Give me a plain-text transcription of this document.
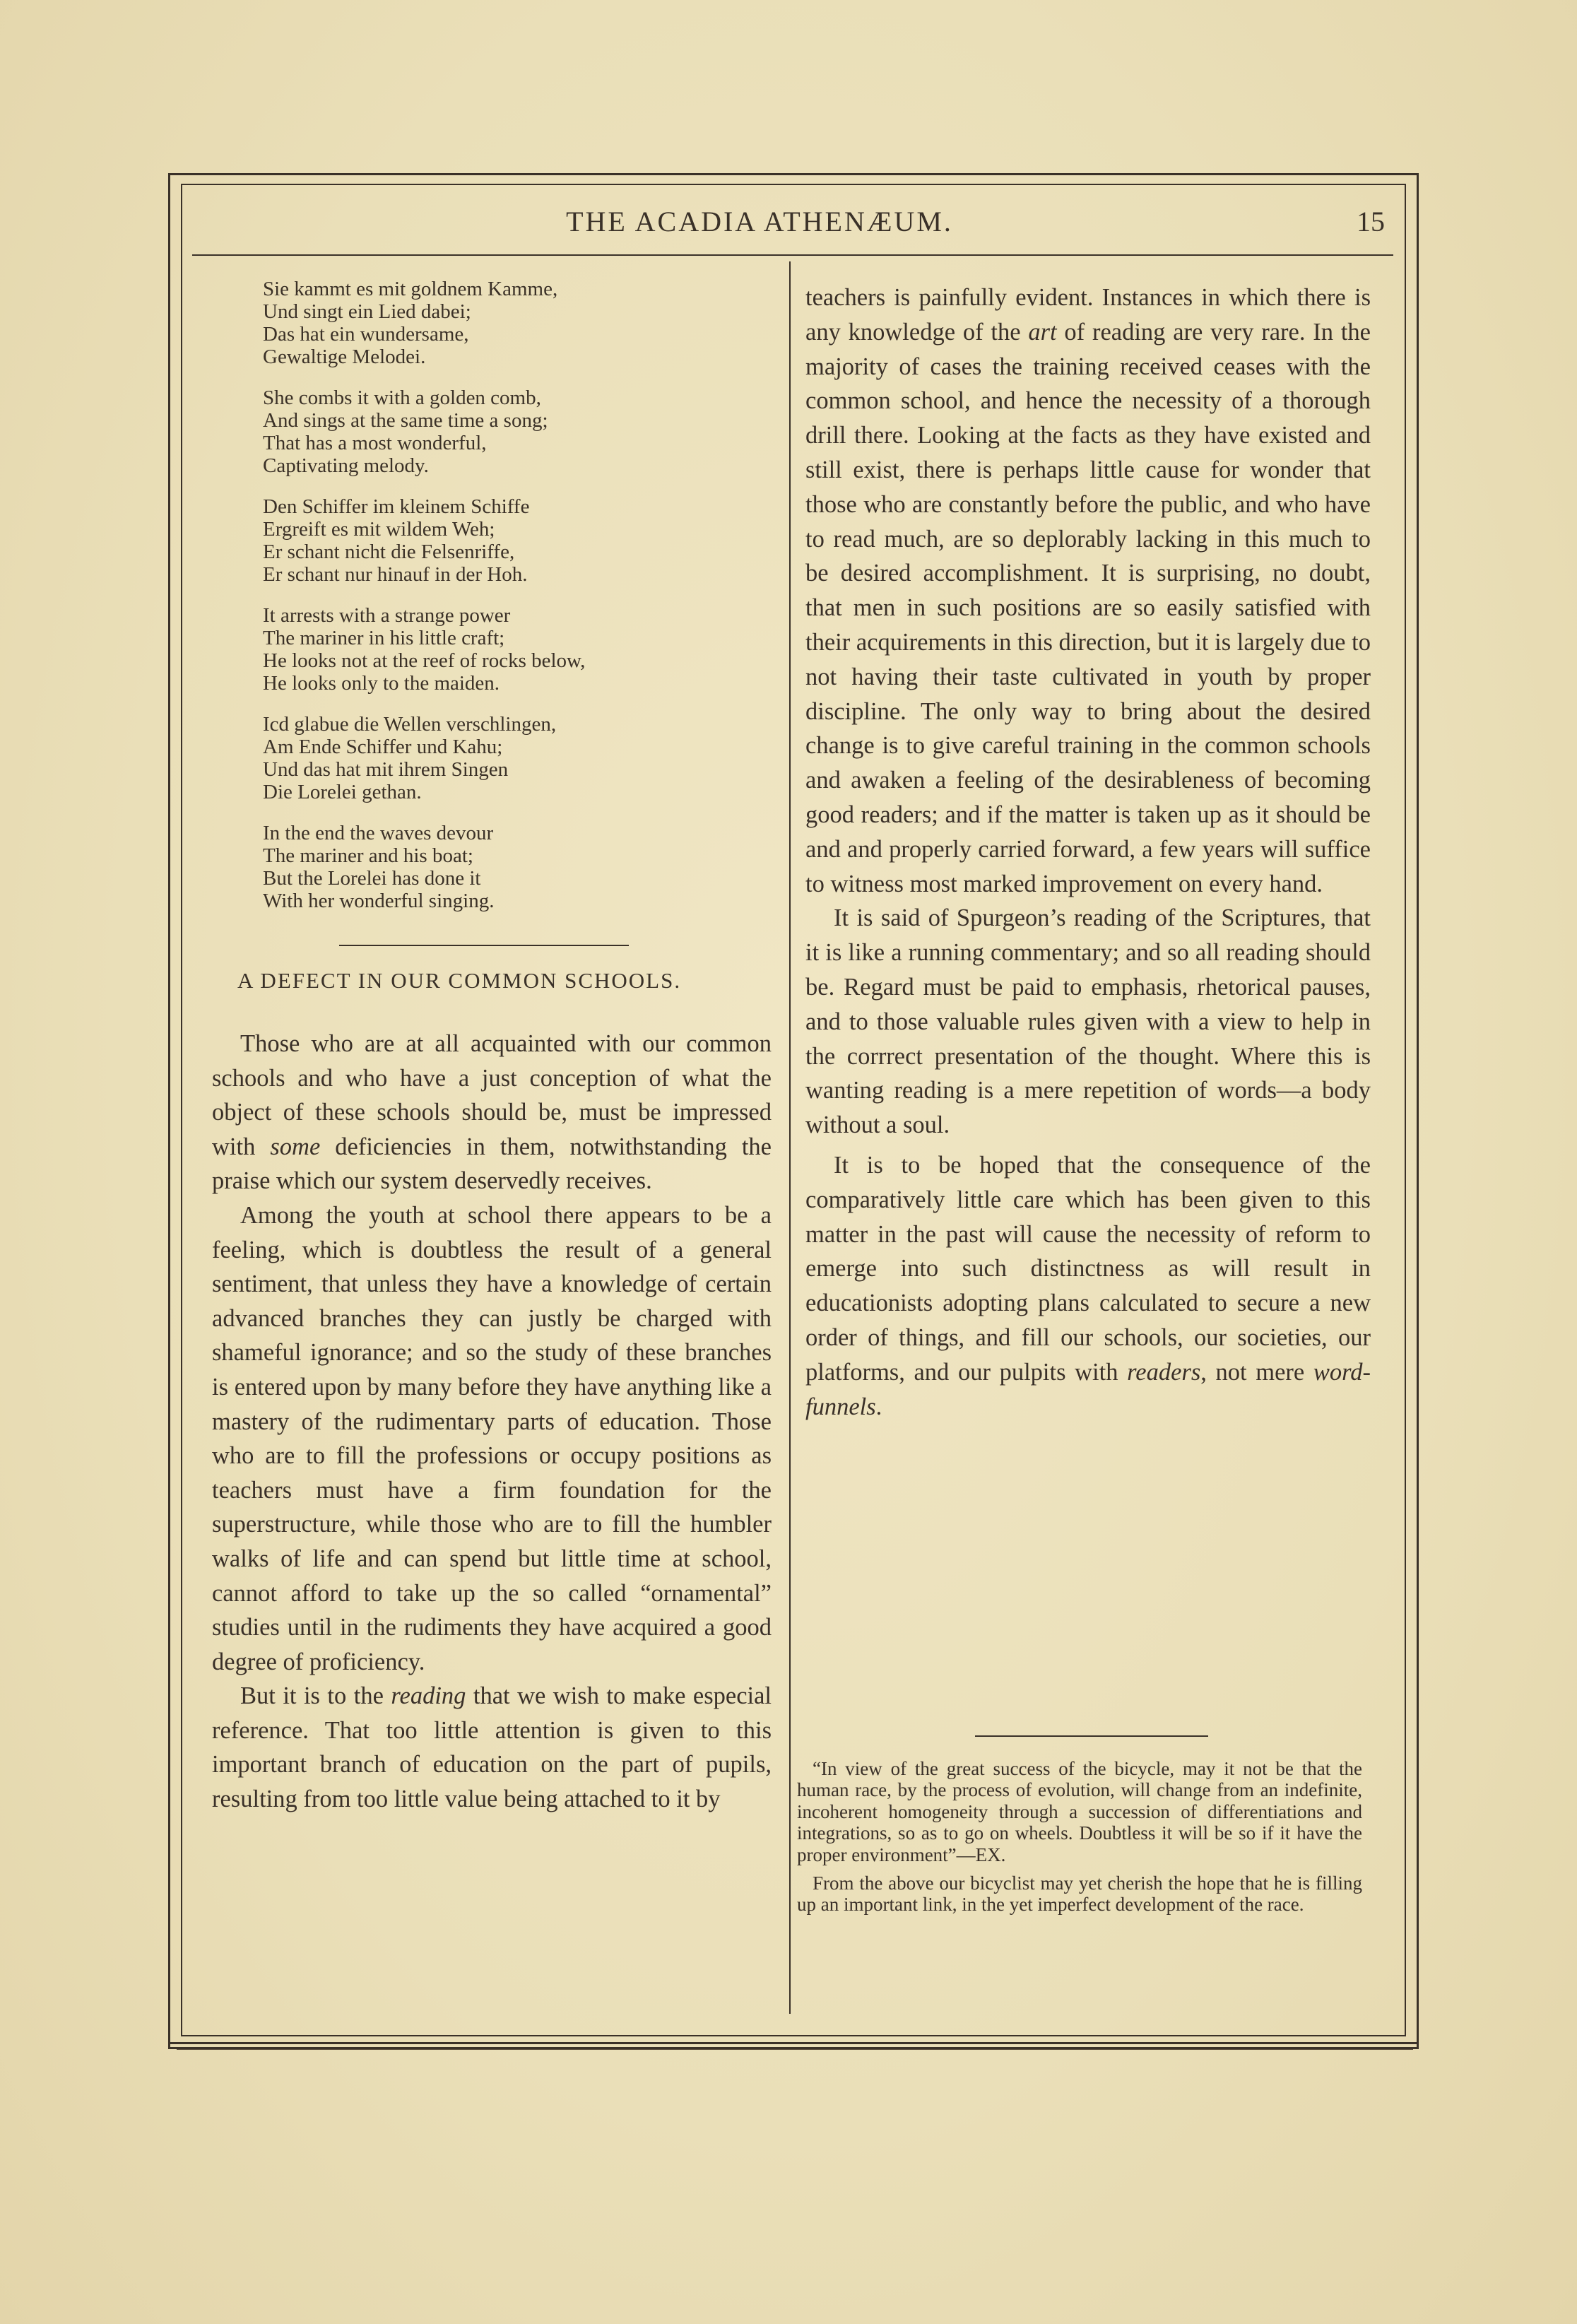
THE ACADIA ATHENÆUM.	15
Sie kammt es mit goldnem Kamme,
Und singt ein Lied dabei;
Das hat ein wundersame,
Gewaltige Melodei.
She combs it with a golden comb,
And sings at the same time a song;
That has a most wonderful,
Captivating melody.
Den Schiffer im kleinem Schiffe
Ergreift es mit wildem Weh;
Er schant nicht die Felsenriffe,
Er schant nur hinauf in der Hoh.
It arrests with a strange power
The mariner in his little craft;
He looks not at the reef of rocks below,
He looks only to the maiden.
Icd glabue die Wellen verschlingen,
Am Ende Schiffer und Kahu;
Und das hat mit ihrem Singen
Die Lorelei gethan.
In the end the waves devour
The mariner and his boat;
But the Lorelei has done it
With her wonderful singing.
A DEFECT IN OUR COMMON SCHOOLS.

Those who are at all acquainted with our common schools and who have a just conception of what the object of these schools should be, must be impressed with some deficiencies in them, notwithstanding the praise which our system deservedly receives.

Among the youth at school there appears to be a feeling, which is doubtless the result of a general sentiment, that unless they have a knowledge of certain advanced branches they can justly be charged with shameful ignorance; and so the study of these branches is entered upon by many before they have anything like a mastery of the rudimentary parts of education. Those who are to fill the professions or occupy positions as teachers must have a firm foundation for the superstructure, while those who are to fill the humbler walks of life and can spend but little time at school, cannot afford to take up the so called “ornamental” studies until in the rudiments they have acquired a good degree of proficiency.

But it is to the reading that we wish to make especial reference. That too little attention is given to this important branch of education on the part of pupils, resulting from too little value being attached to it by

teachers is painfully evident. Instances in which there is any knowledge of the art of reading are very rare. In the majority of cases the training received ceases with the common school, and hence the necessity of a thorough drill there. Looking at the facts as they have existed and still exist, there is perhaps little cause for wonder that those who are constantly before the public, and who have to read much, are so deplorably lacking in this much to be desired accomplishment. It is surprising, no doubt, that men in such positions are so easily satisfied with their acquirements in this direction, but it is largely due to not having their taste cultivated in youth by proper discipline. The only way to bring about the desired change is to give careful training in the common schools and awaken a feeling of the desirableness of becoming good readers; and if the matter is taken up as it should be and and properly carried forward, a few years will suffice to witness most marked improvement on every hand.

It is said of Spurgeon’s reading of the Scriptures, that it is like a running commentary; and so all reading should be. Regard must be paid to emphasis, rhetorical pauses, and to those valuable rules given with a view to help in the corrrect presentation of the thought. Where this is wanting reading is a mere repetition of words—a body without a soul.

It is to be hoped that the consequence of the comparatively little care which has been given to this matter in the past will cause the necessity of reform to emerge into such distinctness as will result in educationists adopting plans calculated to secure a new order of things, and fill our schools, our societies, our platforms, and our pulpits with readers, not mere word-funnels.

“In view of the great success of the bicycle, may it not be that the human race, by the process of evolution, will change from an indefinite, incoherent homogeneity through a succession of differentiations and integrations, so as to go on wheels. Doubtless it will be so if it have the proper environment”—EX.

From the above our bicyclist may yet cherish the hope that he is filling up an important link, in the yet imperfect development of the race.
